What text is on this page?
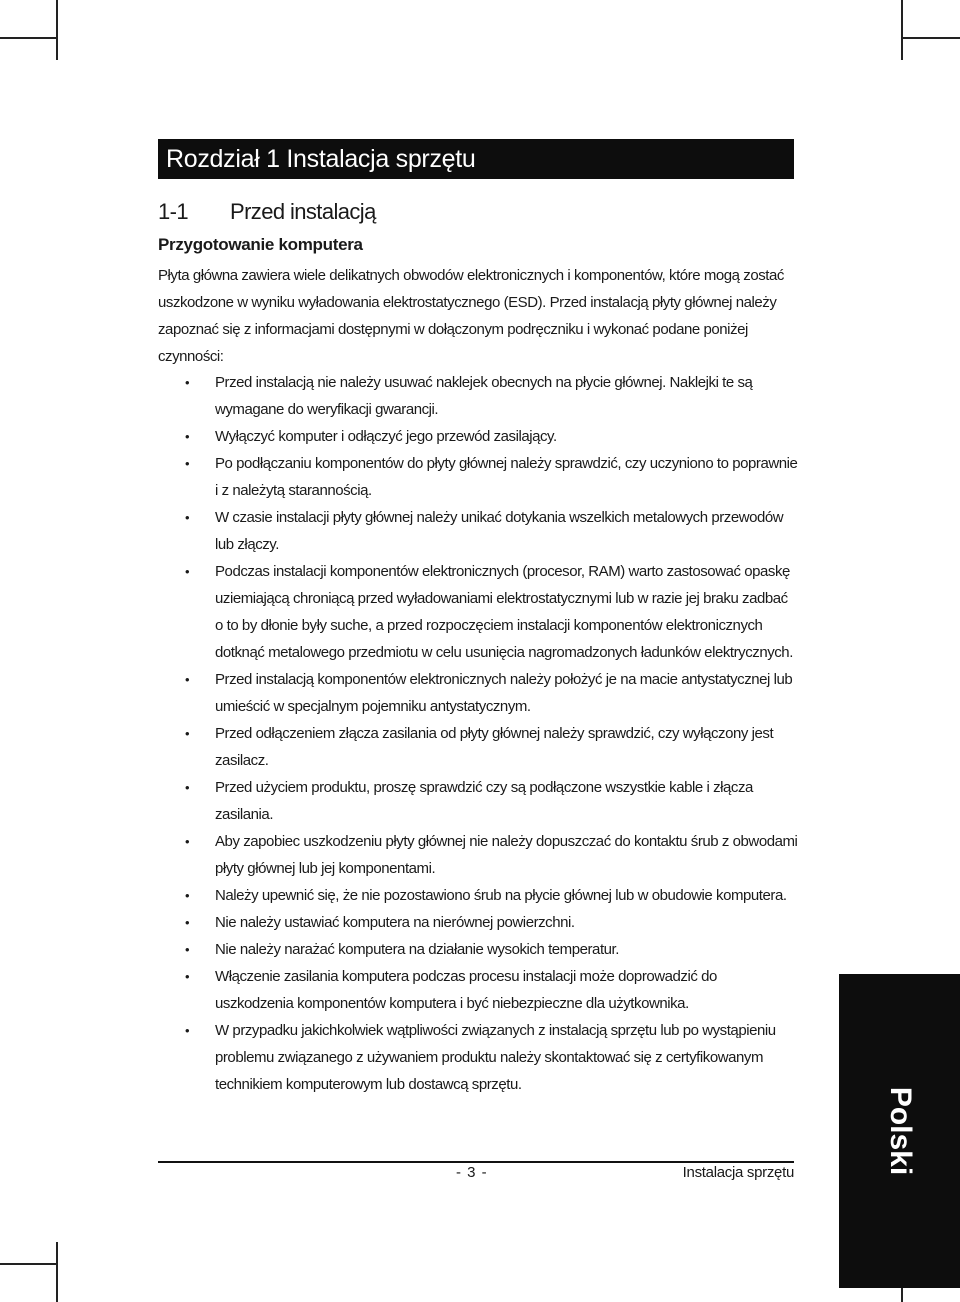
Rozdział 1 Instalacja sprzętu
1-1 Przed instalacją
Przygotowanie komputera

Płyta główna zawiera wiele delikatnych obwodów elektronicznych i komponentów, które mogą zostać uszkodzone w wyniku wyładowania elektrostatycznego (ESD). Przed instalacją płyty głównej należy zapoznać się z informacjami dostępnymi w dołączonym podręczniku i wykonać podane poniżej czynności:

• Przed instalacją nie należy usuwać naklejek obecnych na płycie głównej. Naklejki te są wymagane do weryfikacji gwarancji.
• Wyłączyć komputer i odłączyć jego przewód zasilający.
• Po podłączaniu komponentów do płyty głównej należy sprawdzić, czy uczyniono to poprawnie i z należytą starannością.
• W czasie instalacji płyty głównej należy unikać dotykania wszelkich metalowych przewodów lub złączy.
• Podczas instalacji komponentów elektronicznych (procesor, RAM) warto zastosować opaskę uziemiającą chroniącą przed wyładowaniami elektrostatycznymi lub w razie jej braku zadbać o to by dłonie były suche, a przed rozpoczęciem instalacji komponentów elektronicznych dotknąć metalowego przedmiotu w celu usunięcia nagromadzonych ładunków elektrycznych.
• Przed instalacją komponentów elektronicznych należy położyć je na macie antystatycznej lub umieścić w specjalnym pojemniku antystatycznym.
• Przed odłączeniem złącza zasilania od płyty głównej należy sprawdzić, czy wyłączony jest zasilacz.
• Przed użyciem produktu, proszę sprawdzić czy są podłączone wszystkie kable i złącza zasilania.
• Aby zapobiec uszkodzeniu płyty głównej nie należy dopuszczać do kontaktu śrub z obwodami płyty głównej lub jej komponentami.
• Należy upewnić się, że nie pozostawiono śrub na płycie głównej lub w obudowie komputera.
• Nie należy ustawiać komputera na nierównej powierzchni.
• Nie należy narażać komputera na działanie wysokich temperatur.
• Włączenie zasilania komputera podczas procesu instalacji może doprowadzić do uszkodzenia komponentów komputera i być niebezpieczne dla użytkownika.
• W przypadku jakichkolwiek wątpliwości związanych z instalacją sprzętu lub po wystąpieniu problemu związanego z używaniem produktu należy skontaktować się z certyfikowanym technikiem komputerowym lub dostawcą sprzętu.
- 3 -	Instalacja sprzętu	Polski
